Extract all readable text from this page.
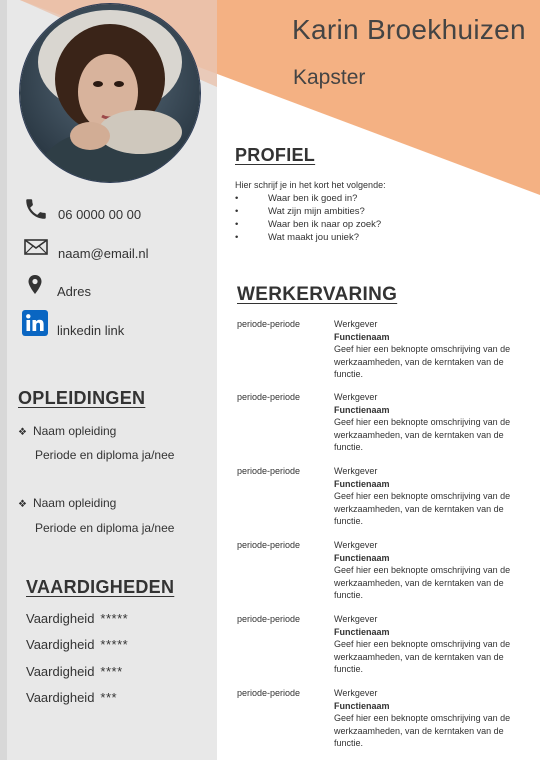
Karin Broekhuizen
Kapster
06 0000 00 00
naam@email.nl
Adres
linkedin link
OPLEIDINGEN
❖ Naam opleiding
Periode en diploma ja/nee
❖ Naam opleiding
Periode en diploma ja/nee
VAARDIGHEDEN
Vaardigheid *****
Vaardigheid *****
Vaardigheid ****
Vaardigheid ***
PROFIEL
Hier schrijf je in het kort het volgende:
•	Waar ben ik goed in?
•	Wat zijn mijn ambities?
•	Waar ben ik naar op zoek?
•	Wat maakt jou uniek?
WERKERVARING
periode-periode	Werkgever
Functienaam
Geef hier een beknopte omschrijving van de werkzaamheden, van de kerntaken van de functie.
periode-periode	Werkgever
Functienaam
Geef hier een beknopte omschrijving van de werkzaamheden, van de kerntaken van de functie.
periode-periode	Werkgever
Functienaam
Geef hier een beknopte omschrijving van de werkzaamheden, van de kerntaken van de functie.
periode-periode	Werkgever
Functienaam
Geef hier een beknopte omschrijving van de werkzaamheden, van de kerntaken van de functie.
periode-periode	Werkgever
Functienaam
Geef hier een beknopte omschrijving van de werkzaamheden, van de kerntaken van de functie.
periode-periode	Werkgever
Functienaam
Geef hier een beknopte omschrijving van de werkzaamheden, van de kerntaken van de functie.
